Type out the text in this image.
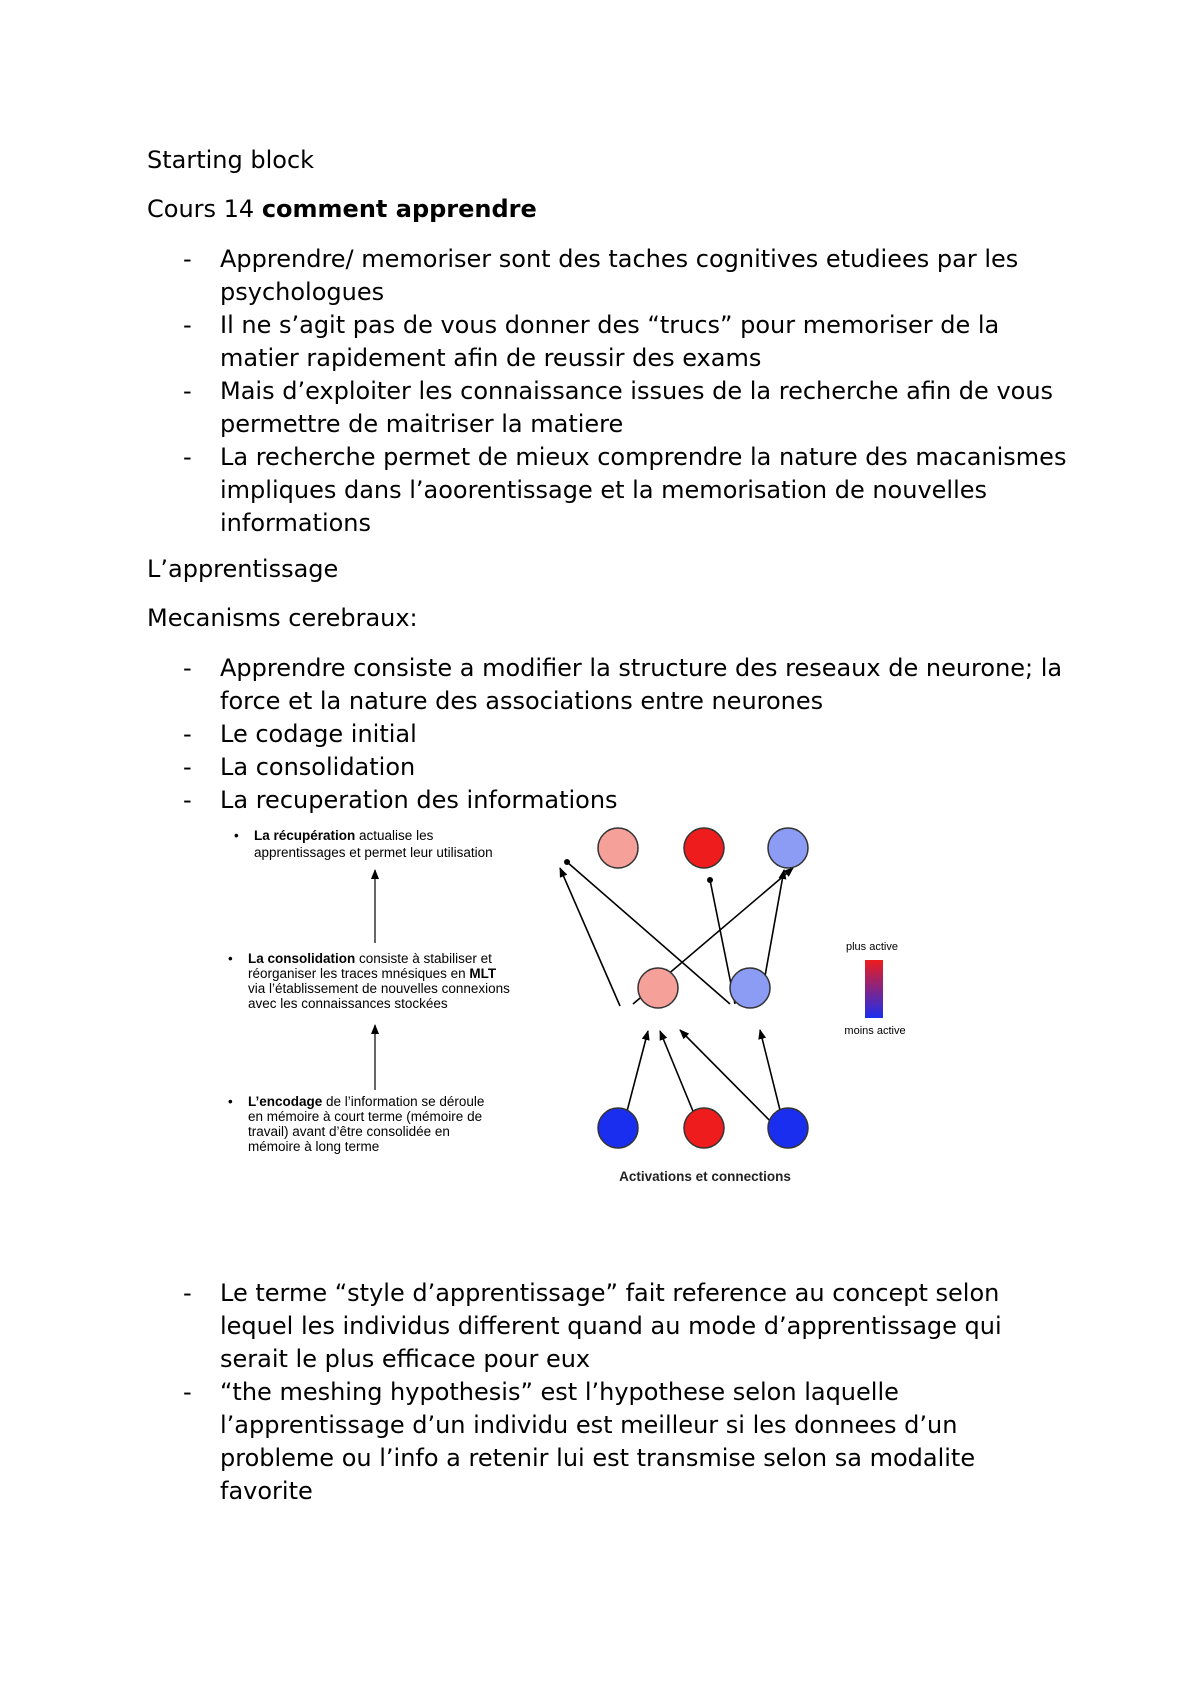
Starting block

Cours 14 comment apprendre

- Apprendre/ memoriser sont des taches cognitives etudiees par les psychologues
- Il ne s’agit pas de vous donner des “trucs” pour memoriser de la matier rapidement afin de reussir des exams
- Mais d’exploiter les connaissance issues de la recherche afin de vous permettre de maitriser la matiere
- La recherche permet de mieux comprendre la nature des macanismes impliques dans l’aoorentissage et la memorisation de nouvelles informations

L’apprentissage

Mecanisms cerebraux:

- Apprendre consiste a modifier la structure des reseaux de neurone; la force et la nature des associations entre neurones
- Le codage initial
- La consolidation
- La recuperation des informations
• La récupération actualise les
apprentissages et permet leur utilisation
• La consolidation consiste à stabiliser et
réorganiser les traces mnésiques en MLT
via l’établissement de nouvelles connexions
avec les connaissances stockées
• L’encodage de l’information se déroule
en mémoire à court terme (mémoire de
travail) avant d’être consolidée en
mémoire à long terme
plus active
moins active
Activations et connections
- Le terme “style d’apprentissage” fait reference au concept selon lequel les individus different quand au mode d’apprentissage qui serait le plus efficace pour eux
- “the meshing hypothesis” est l’hypothese selon laquelle l’apprentissage d’un individu est meilleur si les donnees d’un probleme ou l’info a retenir lui est transmise selon sa modalite favorite
